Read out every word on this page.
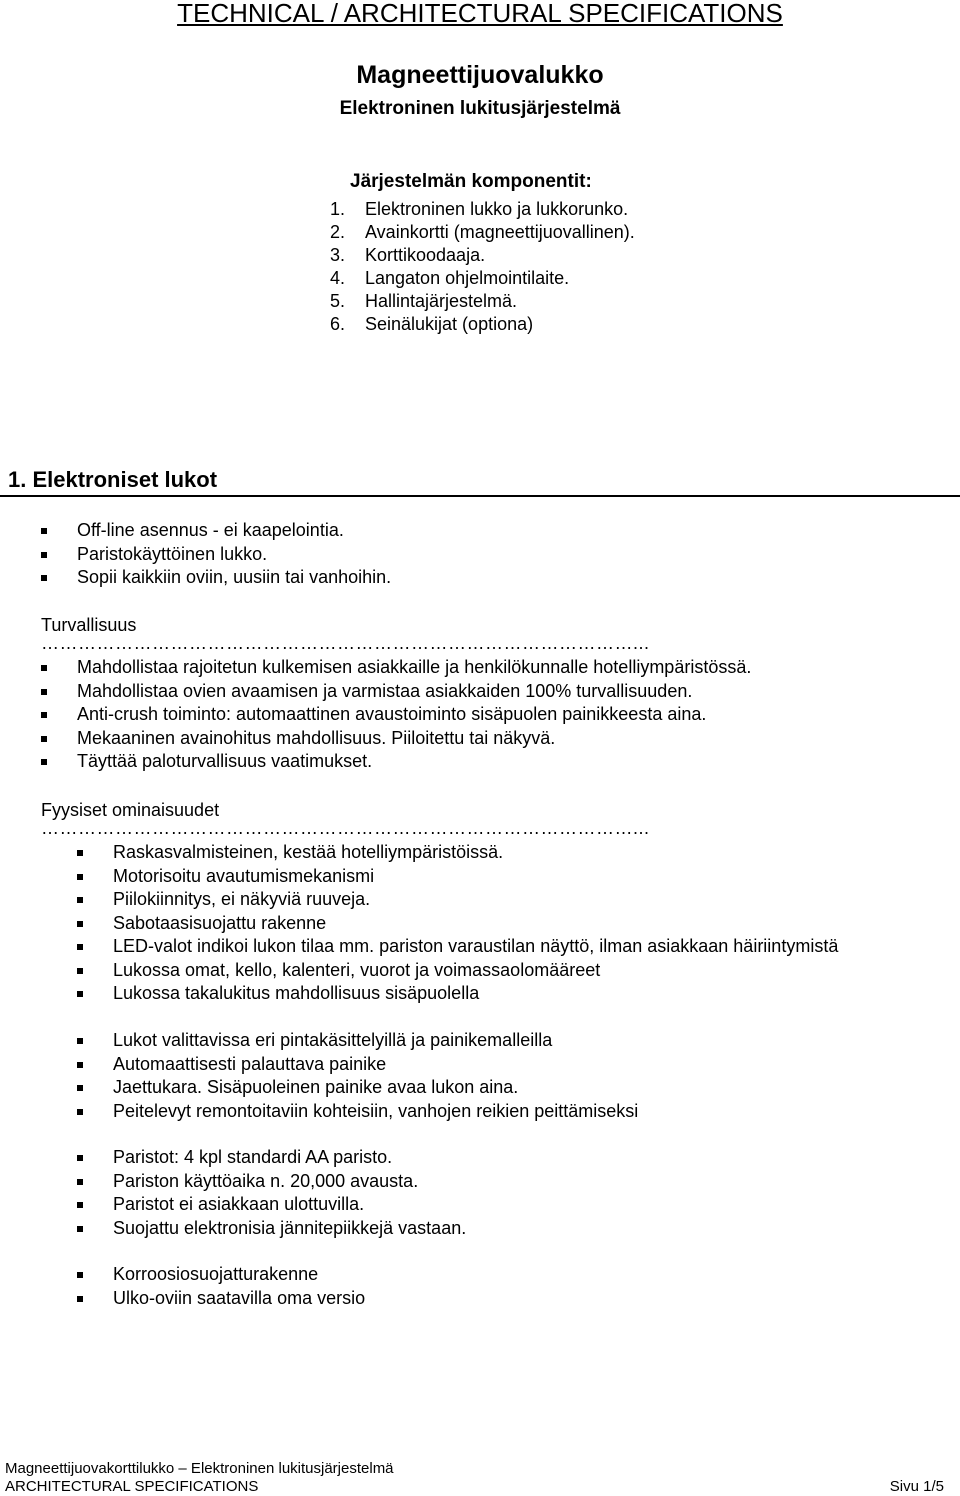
TECHNICAL / ARCHITECTURAL SPECIFICATIONS
Magneettijuovalukko
Elektroninen lukitusjärjestelmä
Järjestelmän komponentit:
1.	Elektroninen lukko ja lukkorunko.
2.	Avainkortti (magneettijuovallinen).
3.	Korttikoodaaja.
4.	Langaton ohjelmointilaite.
5.	Hallintajärjestelmä.
6.	Seinälukijat (optiona)
1. Elektroniset lukot
Off-line asennus - ei kaapelointia.
Paristokäyttöinen lukko.
Sopii kaikkiin oviin, uusiin tai vanhoihin.
Turvallisuus
……………………………………………………………………………………...
Mahdollistaa rajoitetun kulkemisen asiakkaille ja henkilökunnalle hotelliympäristössä.
Mahdollistaa ovien avaamisen ja varmistaa asiakkaiden 100% turvallisuuden.
Anti-crush toiminto: automaattinen avaustoiminto sisäpuolen painikkeesta aina.
Mekaaninen avainohitus mahdollisuus. Piiloitettu tai näkyvä.
Täyttää paloturvallisuus vaatimukset.
Fyysiset ominaisuudet
……………………………………………………………………………………...
Raskasvalmisteinen, kestää hotelliympäristöissä.
Motorisoitu avautumismekanismi
Piilokiinnitys, ei näkyviä ruuveja.
Sabotaasisuojattu rakenne
LED-valot indikoi lukon tilaa mm. pariston varaustilan näyttö, ilman asiakkaan häiriintymistä
Lukossa omat, kello, kalenteri, vuorot ja voimassaolomääreet
Lukossa takalukitus mahdollisuus sisäpuolella
Lukot valittavissa eri pintakäsittelyillä ja painikemalleilla
Automaattisesti palauttava painike
Jaettukara. Sisäpuoleinen painike avaa lukon aina.
Peitelevyt remontoitaviin kohteisiin, vanhojen reikien peittämiseksi
Paristot: 4 kpl standardi AA paristo.
Pariston käyttöaika n. 20,000 avausta.
Paristot ei asiakkaan ulottuvilla.
Suojattu elektronisia jännitepiikkejä vastaan.
Korroosiosuojatturakenne
Ulko-oviin saatavilla oma versio
Magneettijuovakorttilukko – Elektroninen lukitusjärjestelmä
ARCHITECTURAL SPECIFICATIONS	Sivu 1/5
